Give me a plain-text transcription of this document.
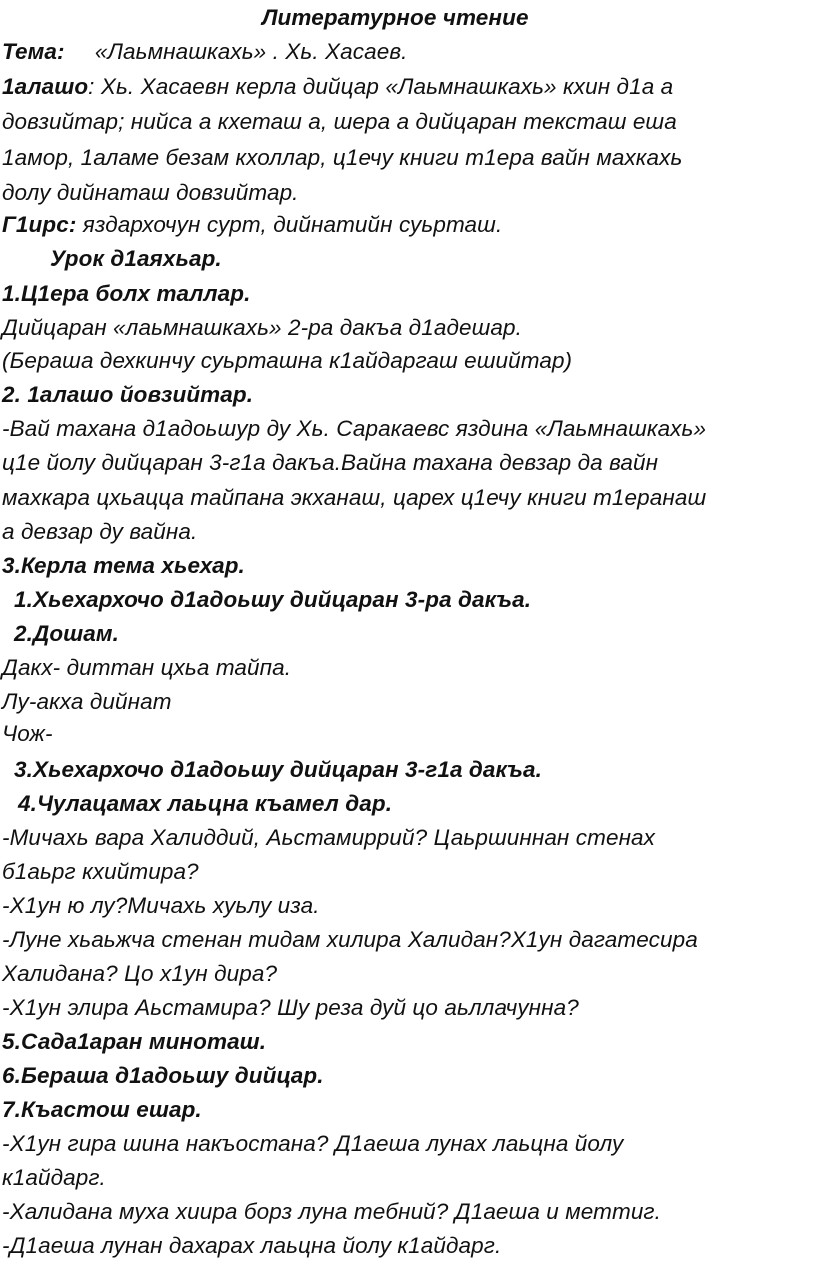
Литературное чтение
Тема: «Лаьмнашкахь» . Хь. Хасаев.
1алашо: Хь. Хасаевн керла дийцар «Лаьмнашкахь» кхин д1а а
довзийтар; нийса а кхеташ а, шера а дийцаран тексташ еша
1амор, 1аламе безам кхоллар, ц1ечу книги т1ера вайн махкахь
долу дийнаташ довзийтар.
Г1ирс: яздархочун сурт, дийнатийн суьрташ.
Урок д1аяхьар.
1.Ц1ера болх таллар.
Дийцаран «лаьмнашкахь» 2-ра дакъа д1адешар.
(Бераша дехкинчу суьрташна к1айдаргаш ешийтар)
2. 1алашо йовзийтар.
-Вай тахана д1адоьшур ду Хь. Саракаевс яздина «Лаьмнашкахь»
ц1е йолу дийцаран 3-г1а дакъа.Вайна тахана девзар да вайн
махкара цхьацца тайпана экханаш, царех ц1ечу книги т1еранаш
а девзар ду вайна.
3.Керла тема хьехар.
1.Хьехархочо д1адоьшу дийцаран 3-ра дакъа.
2.Дошам.
Дакх- диттан цхьа тайпа.
Лу-акха дийнат
Чож-
3.Хьехархочо д1адоьшу дийцаран 3-г1а дакъа.
4.Чулацамах лаьцна къамел дар.
-Мичахь вара Халиддий, Аьстамиррий? Цаьршиннан стенах
б1аьрг кхийтира?
-Х1ун ю лу?Мичахь хуьлу иза.
-Луне хьаьжча стенан тидам хилира Халидан?Х1ун дагатесира
Халидана? Цо х1ун дира?
-Х1ун элира Аьстамира? Шу реза дуй цо аьллачунна?
5.Сада1аран миноташ.
6.Бераша д1адоьшу дийцар.
7.Къастош ешар.
-Х1ун гира шина накъостана? Д1аеша лунах лаьцна йолу
к1айдарг.
-Халидана муха хиира борз луна тебний? Д1аеша и меттиг.
-Д1аеша лунан дахарах лаьцна йолу к1айдарг.
